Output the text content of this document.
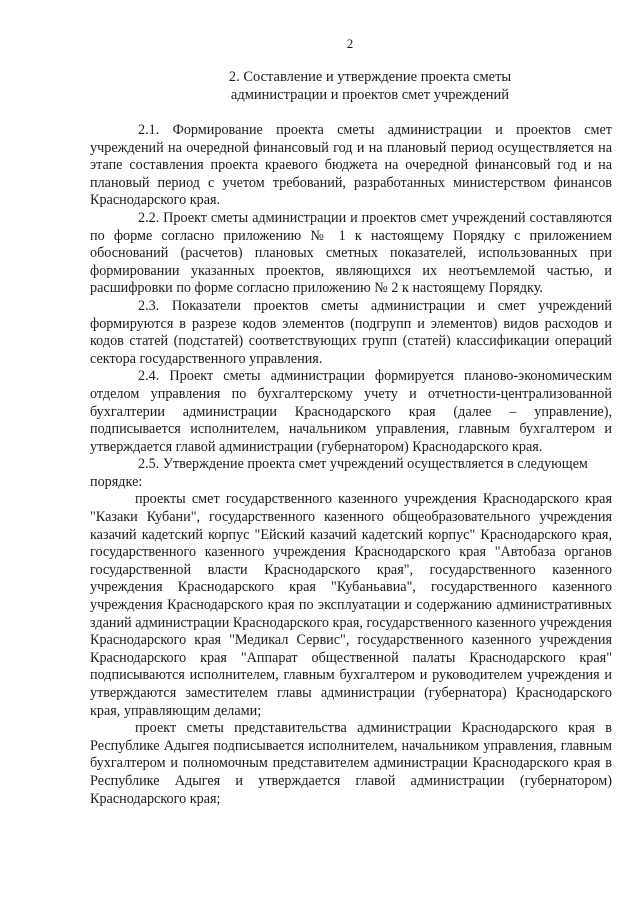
2
2. Составление и утверждение проекта сметы
администрации и проектов смет учреждений

2.1. Формирование проекта сметы администрации и проектов смет учреждений на очередной финансовый год и на плановый период осуществляется на этапе составления проекта краевого бюджета на очередной финансовый год и на плановый период с учетом требований, разработанных министерством финансов Краснодарского края.

2.2. Проект сметы администрации и проектов смет учреждений составляются по форме согласно приложению № 1 к настоящему Порядку с приложением обоснований (расчетов) плановых сметных показателей, использованных при формировании указанных проектов, являющихся их неотъемлемой частью, и расшифровки по форме согласно приложению № 2 к настоящему Порядку.

2.3. Показатели проектов сметы администрации и смет учреждений формируются в разрезе кодов элементов (подгрупп и элементов) видов расходов и кодов статей (подстатей) соответствующих групп (статей) классификации операций сектора государственного управления.

2.4. Проект сметы администрации формируется планово-экономическим отделом управления по бухгалтерскому учету и отчетности-централизованной бухгалтерии администрации Краснодарского края (далее – управление), подписывается исполнителем, начальником управления, главным бухгалтером и утверждается главой администрации (губернатором) Краснодарского края.

2.5. Утверждение проекта смет учреждений осуществляется в следующем порядке:

проекты смет государственного казенного учреждения Краснодарского края "Казаки Кубани", государственного казенного общеобразовательного учреждения казачий кадетский корпус "Ейский казачий кадетский корпус" Краснодарского края, государственного казенного учреждения Краснодарского края "Автобаза органов государственной власти Краснодарского края", государственного казенного учреждения Краснодарского края "Кубаньавиа", государственного казенного учреждения Краснодарского края по эксплуатации и содержанию административных зданий администрации Краснодарского края, государственного казенного учреждения Краснодарского края "Медикал Сервис", государственного казенного учреждения Краснодарского края "Аппарат общественной палаты Краснодарского края" подписываются исполнителем, главным бухгалтером и руководителем учреждения и утверждаются заместителем главы администрации (губернатора) Краснодарского края, управляющим делами;

проект сметы представительства администрации Краснодарского края в Республике Адыгея подписывается исполнителем, начальником управления, главным бухгалтером и полномочным представителем администрации Краснодарского края в Республике Адыгея и утверждается главой администрации (губернатором) Краснодарского края;
